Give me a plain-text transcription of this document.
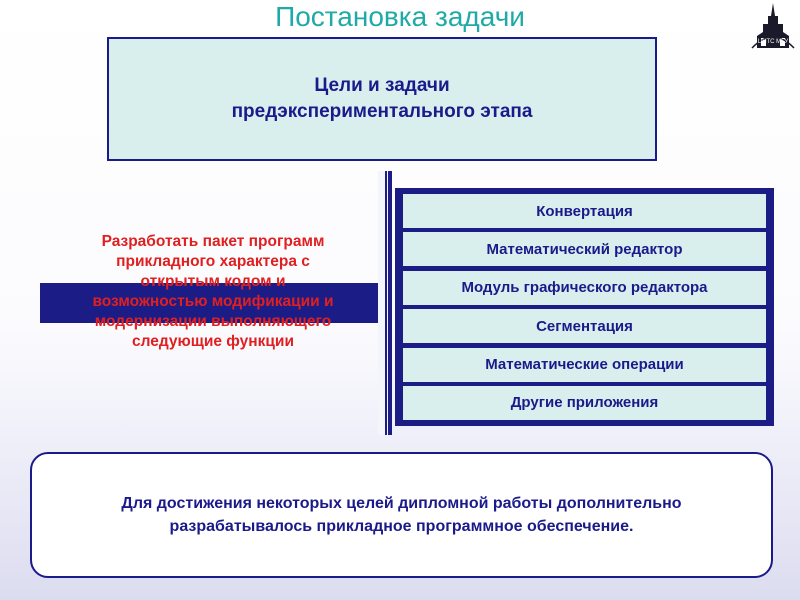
Постановка задачи
ЦНТС МГУ
Цели и задачи
предэкспериментального этапа
Разработать пакет программ
прикладного характера с
открытым кодом и
возможностью модификации и
модернизации выполняющего
следующие функции
Конвертация
Математический редактор
Модуль графического редактора
Сегментация
Математические операции
Другие приложения
Для достижения некоторых целей дипломной работы дополнительно
разрабатывалось прикладное программное обеспечение.
